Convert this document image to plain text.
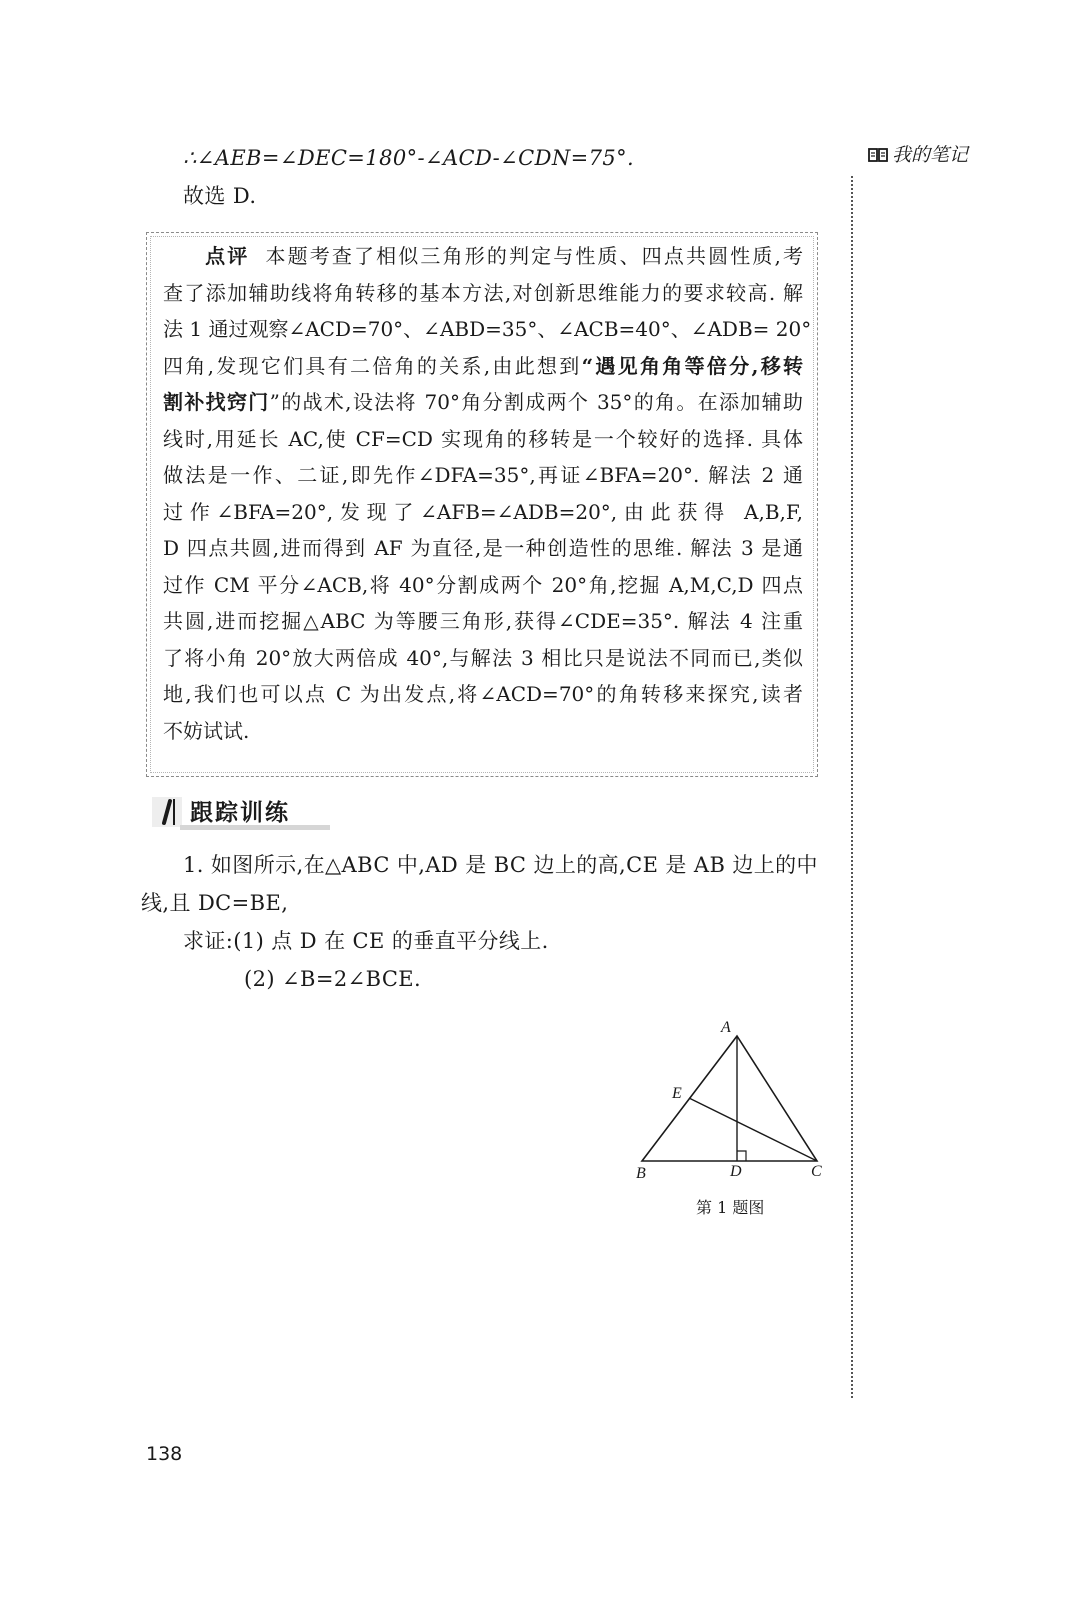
∴∠AEB=∠DEC=180°-∠ACD-∠CDN=75°.
故选 D.
我的笔记

点评 本题考查了相似三角形的判定与性质、四点共圆性质,考

查了添加辅助线将角转移的基本方法,对创新思维能力的要求较高. 解

法 1 通过观察∠ACD=70°、∠ABD=35°、∠ACB=40°、∠ADB= 20°

四角,发现它们具有二倍角的关系,由此想到“遇见角角等倍分,移转

割补找窍门”的战术,设法将 70°角分割成两个 35°的角。在添加辅助

线时,用延长 AC,使 CF=CD 实现角的移转是一个较好的选择. 具体

做法是一作、二证,即先作∠DFA=35°,再证∠BFA=20°. 解法 2 通

过作∠BFA=20°,发现了∠AFB=∠ADB=20°,由此获得 A,B,F,

D 四点共圆,进而得到 AF 为直径,是一种创造性的思维. 解法 3 是通

过作 CM 平分∠ACB,将 40°分割成两个 20°角,挖掘 A,M,C,D 四点

共圆,进而挖掘△ABC 为等腰三角形,获得∠CDE=35°. 解法 4 注重

了将小角 20°放大两倍成 40°,与解法 3 相比只是说法不同而已,类似

地,我们也可以点 C 为出发点,将∠ACD=70°的角转移来探究,读者

不妨试试.

跟踪训练
1. 如图所示,在△ABC 中,AD 是 BC 边上的高,CE 是 AB 边上的中
线,且 DC=BE,
求证:(1) 点 D 在 CE 的垂直平分线上.
(2) ∠B=2∠BCE.
A
E
B	D	C
第 1 题图
138
